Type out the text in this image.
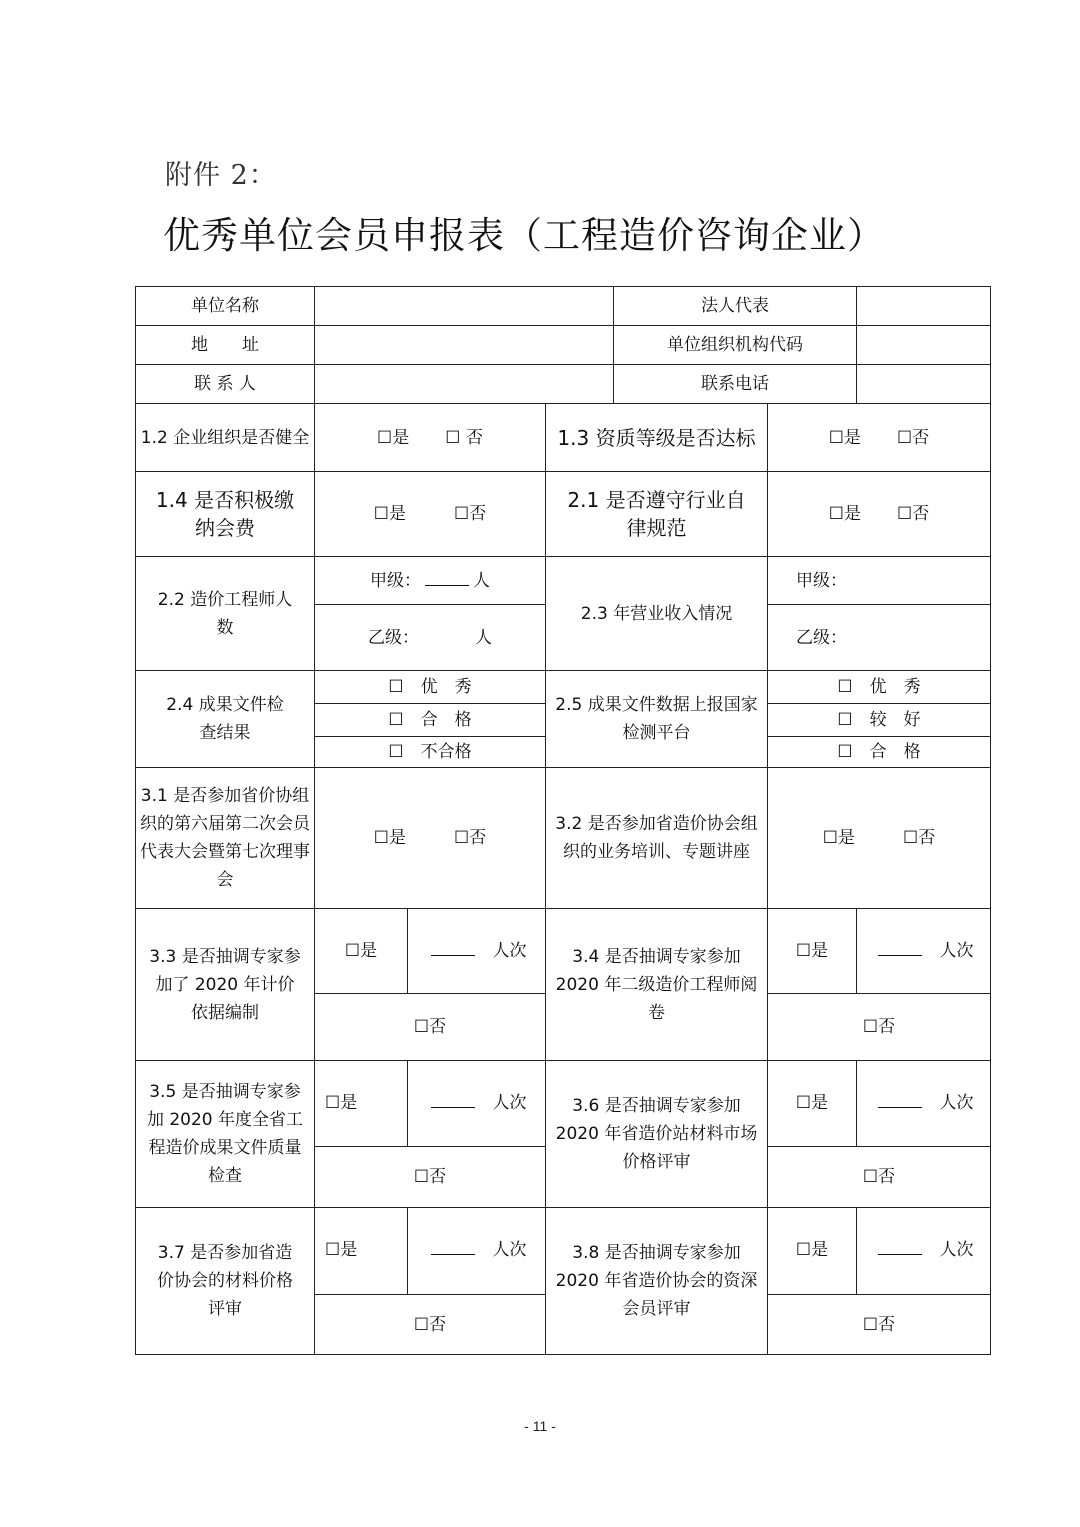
附件 2：
优秀单位会员申报表（工程造价咨询企业）
单位名称				法人代表		
地　　址				单位组织机构代码		
联 系 人				联系电话		
1.2 企业组织是否健全	☐是 ☐ 否		1.3 资质等级是否达标		☐是 ☐否	
1.4 是否积极缴纳会费	☐是 ☐否		2.1 是否遵守行业自律规范		☐是 ☐否	
2.2 造价工程师人数	甲级： 人		2.3 年营业收入情况		甲级：	
	乙级： 人				乙级：	
2.4 成果文件检查结果	☐　优　秀		2.5 成果文件数据上报国家检测平台		☐　优　秀	
	☐　合　格				☐　较　好	
	☐　不合格				☐　合　格	
3.1 是否参加省价协组织的第六届第二次会员代表大会暨第七次理事会	☐是 ☐否		3.2 是否参加省造价协会组织的业务培训、专题讲座		☐是 ☐否	
3.3 是否抽调专家参加了 2020 年计价依据编制	☐是	人次	3.4 是否抽调专家参加 2020 年二级造价工程师阅卷		☐是	人次
	☐否				☐否	
3.5 是否抽调专家参加 2020 年度全省工程造价成果文件质量检查	☐是	人次	3.6 是否抽调专家参加 2020 年省造价站材料市场价格评审		☐是	人次
	☐否				☐否	
3.7 是否参加省造价协会的材料价格评审	☐是	人次	3.8 是否抽调专家参加 2020 年省造价协会的资深会员评审		☐是	人次
	☐否				☐否	
- 11 -
